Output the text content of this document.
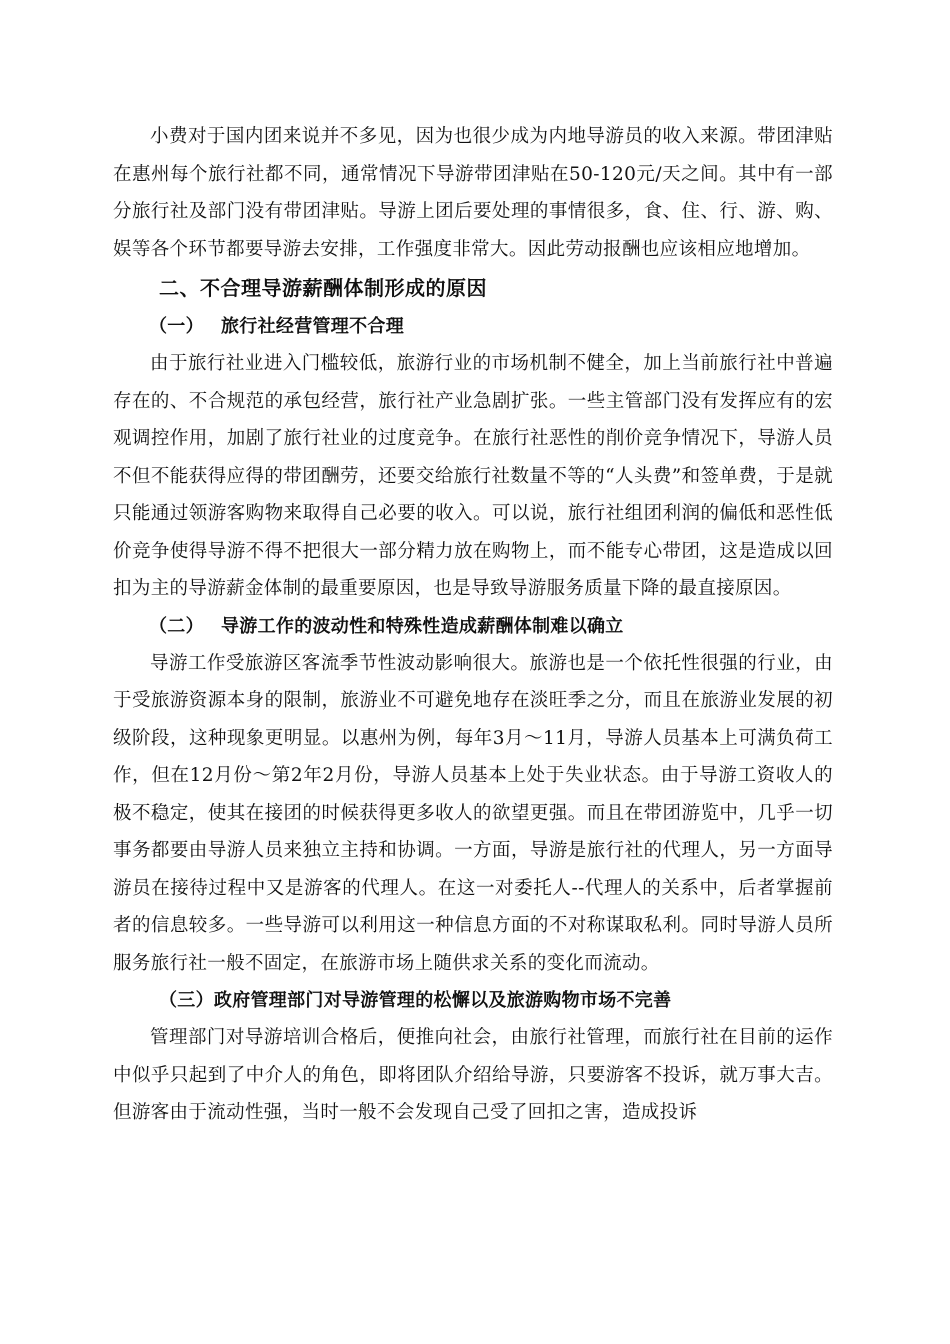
小费对于国内团来说并不多见，因为也很少成为内地导游员的收入来源。带团津贴在惠州每个旅行社都不同，通常情况下导游带团津贴在50-120元/天之间。其中有一部分旅行社及部门没有带团津贴。导游上团后要处理的事情很多，食、住、行、游、购、娱等各个环节都要导游去安排，工作强度非常大。因此劳动报酬也应该相应地增加。

二、不合理导游薪酬体制形成的原因
（一） 旅行社经营管理不合理

由于旅行社业进入门槛较低，旅游行业的市场机制不健全，加上当前旅行社中普遍存在的、不合规范的承包经营，旅行社产业急剧扩张。一些主管部门没有发挥应有的宏观调控作用，加剧了旅行社业的过度竞争。在旅行社恶性的削价竞争情况下，导游人员不但不能获得应得的带团酬劳，还要交给旅行社数量不等的“人头费”和签单费，于是就只能通过领游客购物来取得自己必要的收入。可以说，旅行社组团利润的偏低和恶性低价竞争使得导游不得不把很大一部分精力放在购物上，而不能专心带团，这是造成以回扣为主的导游薪金体制的最重要原因，也是导致导游服务质量下降的最直接原因。

（二） 导游工作的波动性和特殊性造成薪酬体制难以确立

导游工作受旅游区客流季节性波动影响很大。旅游也是一个依托性很强的行业，由于受旅游资源本身的限制，旅游业不可避免地存在淡旺季之分，而且在旅游业发展的初级阶段，这种现象更明显。以惠州为例，每年3月～11月，导游人员基本上可满负荷工作，但在12月份～第2年2月份，导游人员基本上处于失业状态。由于导游工资收人的极不稳定，使其在接团的时候获得更多收人的欲望更强。而且在带团游览中，几乎一切事务都要由导游人员来独立主持和协调。一方面，导游是旅行社的代理人，另一方面导游员在接待过程中又是游客的代理人。在这一对委托人--代理人的关系中，后者掌握前者的信息较多。一些导游可以利用这一种信息方面的不对称谋取私利。同时导游人员所服务旅行社一般不固定，在旅游市场上随供求关系的变化而流动。

（三）政府管理部门对导游管理的松懈以及旅游购物市场不完善

管理部门对导游培训合格后，便推向社会，由旅行社管理，而旅行社在目前的运作中似乎只起到了中介人的角色，即将团队介绍给导游，只要游客不投诉，就万事大吉。但游客由于流动性强，当时一般不会发现自己受了回扣之害，造成投诉
